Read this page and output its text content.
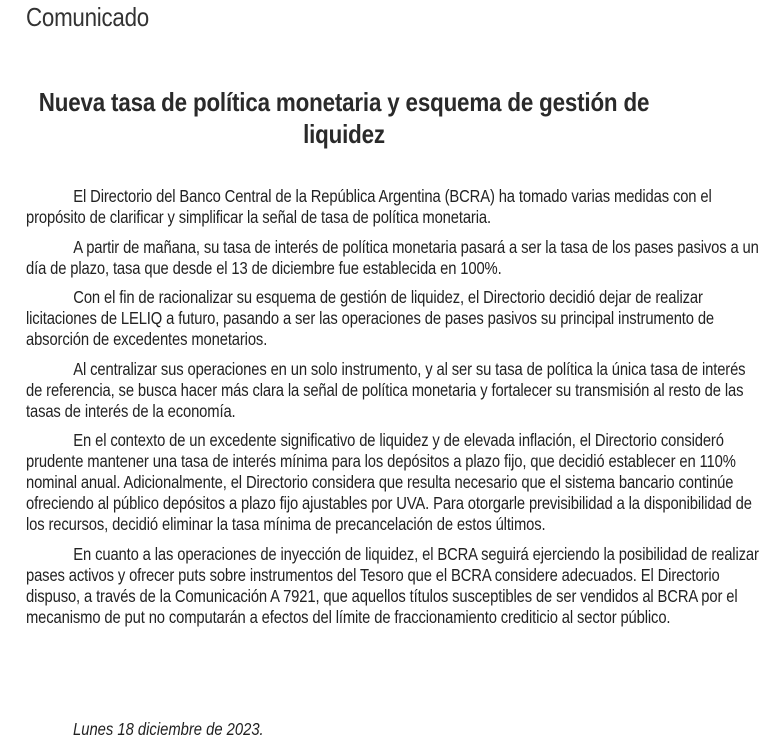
Comunicado
Nueva tasa de política monetaria y esquema de gestión de liquidez

El Directorio del Banco Central de la República Argentina (BCRA) ha tomado varias medidas con el propósito de clarificar y simplificar la señal de tasa de política monetaria.

A partir de mañana, su tasa de interés de política monetaria pasará a ser la tasa de los pases pasivos a un día de plazo, tasa que desde el 13 de diciembre fue establecida en 100%.

Con el fin de racionalizar su esquema de gestión de liquidez, el Directorio decidió dejar de realizar licitaciones de LELIQ a futuro, pasando a ser las operaciones de pases pasivos su principal instrumento de absorción de excedentes monetarios.

Al centralizar sus operaciones en un solo instrumento, y al ser su tasa de política la única tasa de interés de referencia, se busca hacer más clara la señal de política monetaria y fortalecer su transmisión al resto de las tasas de interés de la economía.

En el contexto de un excedente significativo de liquidez y de elevada inflación, el Directorio consideró prudente mantener una tasa de interés mínima para los depósitos a plazo fijo, que decidió establecer en 110% nominal anual. Adicionalmente, el Directorio considera que resulta necesario que el sistema bancario continúe ofreciendo al público depósitos a plazo fijo ajustables por UVA. Para otorgarle previsibilidad a la disponibilidad de los recursos, decidió eliminar la tasa mínima de precancelación de estos últimos.

En cuanto a las operaciones de inyección de liquidez, el BCRA seguirá ejerciendo la posibilidad de realizar pases activos y ofrecer puts sobre instrumentos del Tesoro que el BCRA considere adecuados. El Directorio dispuso, a través de la Comunicación A 7921, que aquellos títulos susceptibles de ser vendidos al BCRA por el mecanismo de put no computarán a efectos del límite de fraccionamiento crediticio al sector público.

Lunes 18 diciembre de 2023.
